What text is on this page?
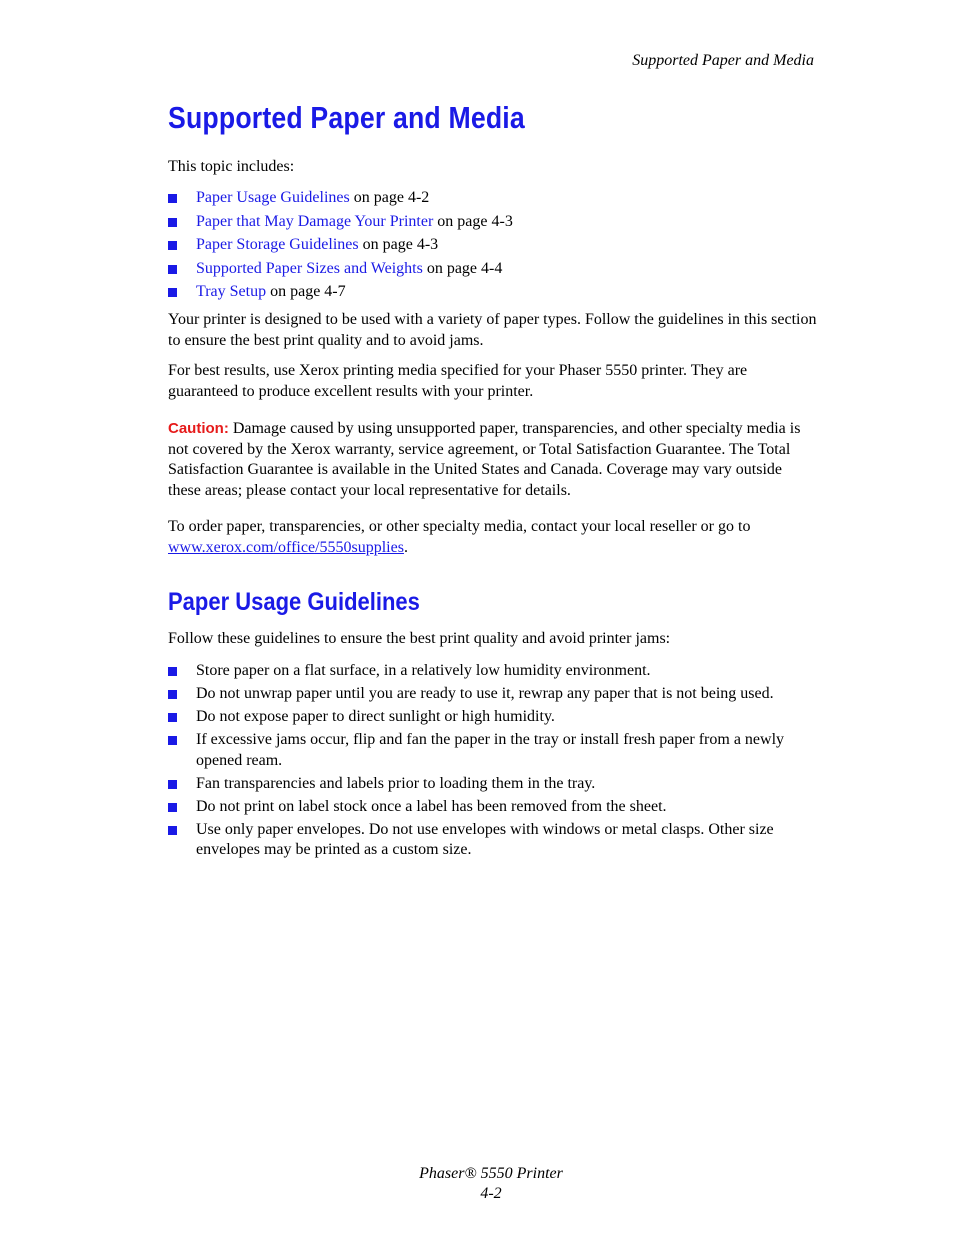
Supported Paper and Media
Supported Paper and Media

This topic includes:

Paper Usage Guidelines on page 4-2
Paper that May Damage Your Printer on page 4-3
Paper Storage Guidelines on page 4-3
Supported Paper Sizes and Weights on page 4-4
Tray Setup on page 4-7

Your printer is designed to be used with a variety of paper types. Follow the guidelines in this section to ensure the best print quality and to avoid jams.

For best results, use Xerox printing media specified for your Phaser 5550 printer. They are guaranteed to produce excellent results with your printer.

Caution: Damage caused by using unsupported paper, transparencies, and other specialty media is not covered by the Xerox warranty, service agreement, or Total Satisfaction Guarantee. The Total Satisfaction Guarantee is available in the United States and Canada. Coverage may vary outside these areas; please contact your local representative for details.

To order paper, transparencies, or other specialty media, contact your local reseller or go to www.xerox.com/office/5550supplies.

Paper Usage Guidelines

Follow these guidelines to ensure the best print quality and avoid printer jams:

Store paper on a flat surface, in a relatively low humidity environment.
Do not unwrap paper until you are ready to use it, rewrap any paper that is not being used.
Do not expose paper to direct sunlight or high humidity.
If excessive jams occur, flip and fan the paper in the tray or install fresh paper from a newly opened ream.
Fan transparencies and labels prior to loading them in the tray.
Do not print on label stock once a label has been removed from the sheet.
Use only paper envelopes. Do not use envelopes with windows or metal clasps. Other size envelopes may be printed as a custom size.
Phaser® 5550 Printer
4-2
